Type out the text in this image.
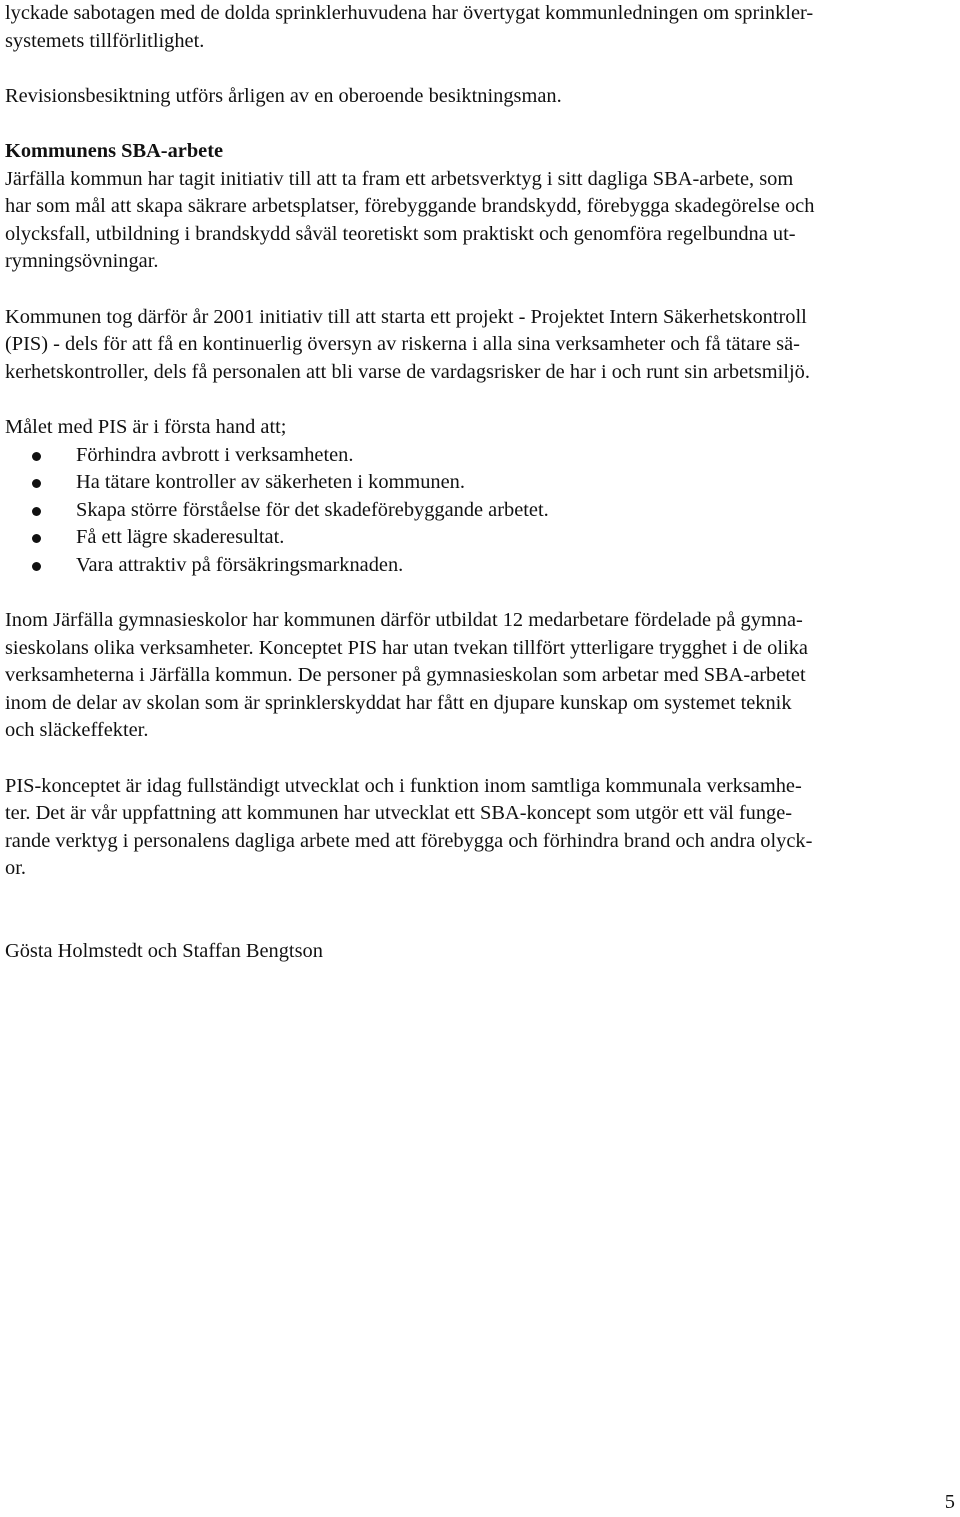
lyckade sabotagen med de dolda sprinklerhuvudena har övertygat kommunledningen om sprinkler-
systemets tillförlitlighet.

Revisionsbesiktning utförs årligen av en oberoende besiktningsman.

Kommunens SBA-arbete
Järfälla kommun har tagit initiativ till att ta fram ett arbetsverktyg i sitt dagliga SBA-arbete, som
har som mål att skapa säkrare arbetsplatser, förebyggande brandskydd, förebygga skadegörelse och
olycksfall, utbildning i brandskydd såväl teoretiskt som praktiskt och genomföra regelbundna ut-
rymningsövningar.

Kommunen tog därför år 2001 initiativ till att starta ett projekt - Projektet Intern Säkerhetskontroll
(PIS) - dels för att få en kontinuerlig översyn av riskerna i alla sina verksamheter och få tätare sä-
kerhetskontroller, dels få personalen att bli varse de vardagsrisker de har i och runt sin arbetsmiljö.

Målet med PIS är i första hand att;
Förhindra avbrott i verksamheten.
Ha tätare kontroller av säkerheten i kommunen.
Skapa större förståelse för det skadeförebyggande arbetet.
Få ett lägre skaderesultat.
Vara attraktiv på försäkringsmarknaden.

Inom Järfälla gymnasieskolor har kommunen därför utbildat 12 medarbetare fördelade på gymna-
sieskolans olika verksamheter. Konceptet PIS har utan tvekan tillfört ytterligare trygghet i de olika
verksamheterna i Järfälla kommun. De personer på gymnasieskolan som arbetar med SBA-arbetet
inom de delar av skolan som är sprinklerskyddat har fått en djupare kunskap om systemet teknik
och släckeffekter.

PIS-konceptet är idag fullständigt utvecklat och i funktion inom samtliga kommunala verksamhe-
ter. Det är vår uppfattning att kommunen har utvecklat ett SBA-koncept som utgör ett väl funge-
rande verktyg i personalens dagliga arbete med att förebygga och förhindra brand och andra olyck-
or.

Gösta Holmstedt och Staffan Bengtson

5
